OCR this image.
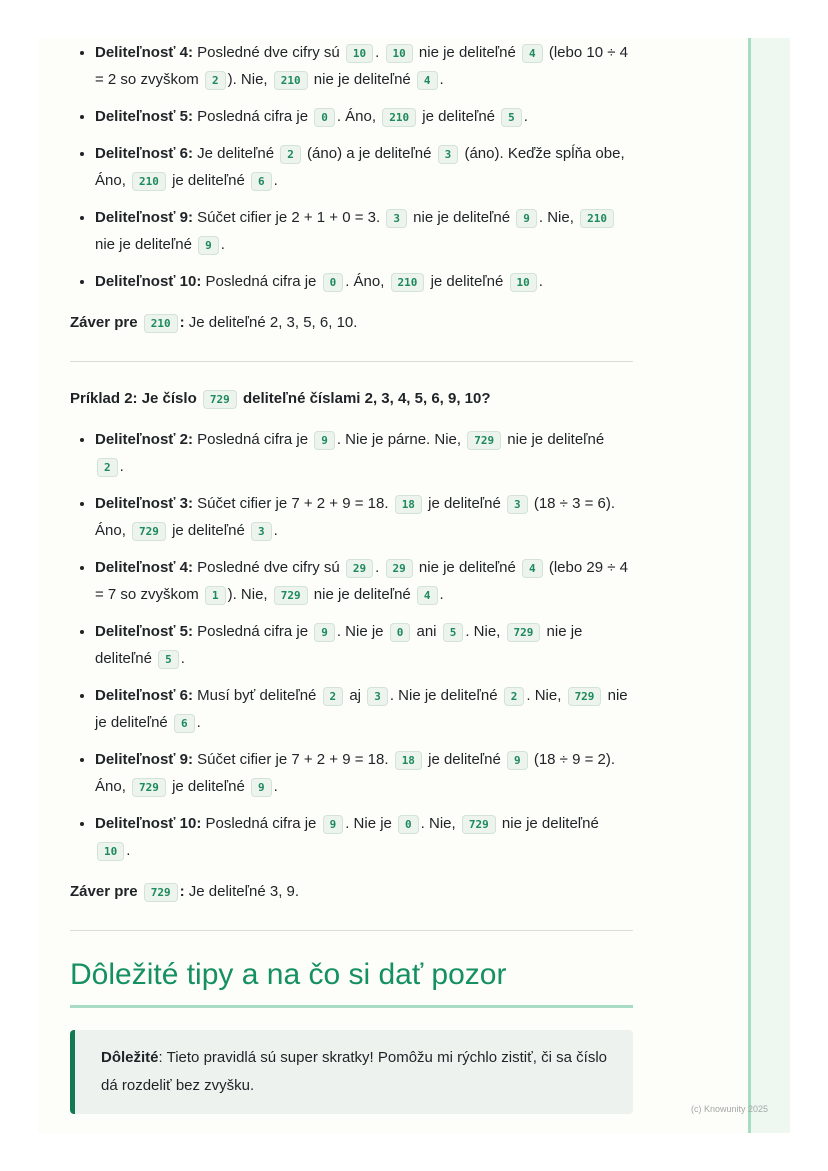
• Deliteľnosť 4: Posledné dve cifry sú 10 . 10 nie je deliteľné 4 (lebo 10 ÷ 4 = 2 so zvyškom 2 ). Nie, 210 nie je deliteľné 4 .
• Deliteľnosť 5: Posledná cifra je 0 . Áno, 210 je deliteľné 5 .
• Deliteľnosť 6: Je deliteľné 2 (áno) a je deliteľné 3 (áno). Keďže spĺňa obe, Áno, 210 je deliteľné 6 .
• Deliteľnosť 9: Súčet cifier je 2 + 1 + 0 = 3. 3 nie je deliteľné 9 . Nie, 210 nie je deliteľné 9 .
• Deliteľnosť 10: Posledná cifra je 0 . Áno, 210 je deliteľné 10 .

Záver pre 210 : Je deliteľné 2, 3, 5, 6, 10.

Príklad 2: Je číslo 729 deliteľné číslami 2, 3, 4, 5, 6, 9, 10?

• Deliteľnosť 2: Posledná cifra je 9 . Nie je párne. Nie, 729 nie je deliteľné 2 .
• Deliteľnosť 3: Súčet cifier je 7 + 2 + 9 = 18. 18 je deliteľné 3 (18 ÷ 3 = 6). Áno, 729 je deliteľné 3 .
• Deliteľnosť 4: Posledné dve cifry sú 29 . 29 nie je deliteľné 4 (lebo 29 ÷ 4 = 7 so zvyškom 1 ). Nie, 729 nie je deliteľné 4 .
• Deliteľnosť 5: Posledná cifra je 9 . Nie je 0 ani 5 . Nie, 729 nie je deliteľné 5 .
• Deliteľnosť 6: Musí byť deliteľné 2 aj 3 . Nie je deliteľné 2 . Nie, 729 nie je deliteľné 6 .
• Deliteľnosť 9: Súčet cifier je 7 + 2 + 9 = 18. 18 je deliteľné 9 (18 ÷ 9 = 2). Áno, 729 je deliteľné 9 .
• Deliteľnosť 10: Posledná cifra je 9 . Nie je 0 . Nie, 729 nie je deliteľné 10 .

Záver pre 729 : Je deliteľné 3, 9.

Dôležité tipy a na čo si dať pozor
Dôležité: Tieto pravidlá sú super skratky! Pomôžu mi rýchlo zistiť, či sa číslo dá rozdeliť bez zvyšku.
(c) Knowunity 2025
